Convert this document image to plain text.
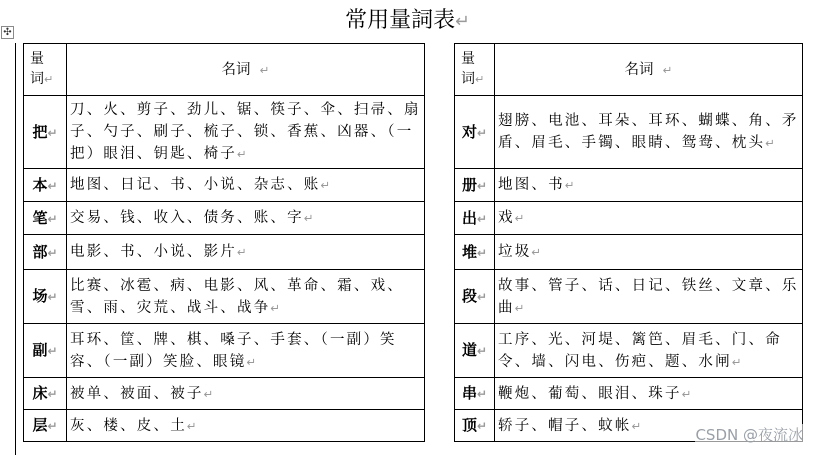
✣	常用量詞表↵
量
词↵	名词  ↵
把↵	刀、火、剪子、劲儿、锯、筷子、伞、扫帚、扇子、勺子、刷子、梳子、锁、香蕉、凶器、（一把）眼泪、钥匙、椅子↵
本↵	地图、日记、书、小说、杂志、账↵
笔↵	交易、钱、收入、债务、账、字↵
部↵	电影、书、小说、影片↵
场↵	比赛、冰雹、病、电影、风、革命、霜、戏、雪、雨、灾荒、战斗、战争↵
副↵	耳环、筐、牌、棋、嗓子、手套、（一副）笑容、（一副）笑脸、眼镜↵
床↵	被单、被面、被子↵
层↵	灰、楼、皮、土↵
量
词↵	名词  ↵
对↵	翅膀、电池、耳朵、耳环、蝴蝶、角、矛盾、眉毛、手镯、眼睛、鸳鸯、枕头↵
册↵	地图、书↵
出↵	戏↵
堆↵	垃圾↵
段↵	故事、管子、话、日记、铁丝、文章、乐曲↵
道↵	工序、光、河堤、篱笆、眉毛、门、命令、墙、闪电、伤疤、题、水闸↵
串↵	鞭炮、葡萄、眼泪、珠子↵
顶↵	轿子、帽子、蚊帐↵
CSDN @夜流冰
